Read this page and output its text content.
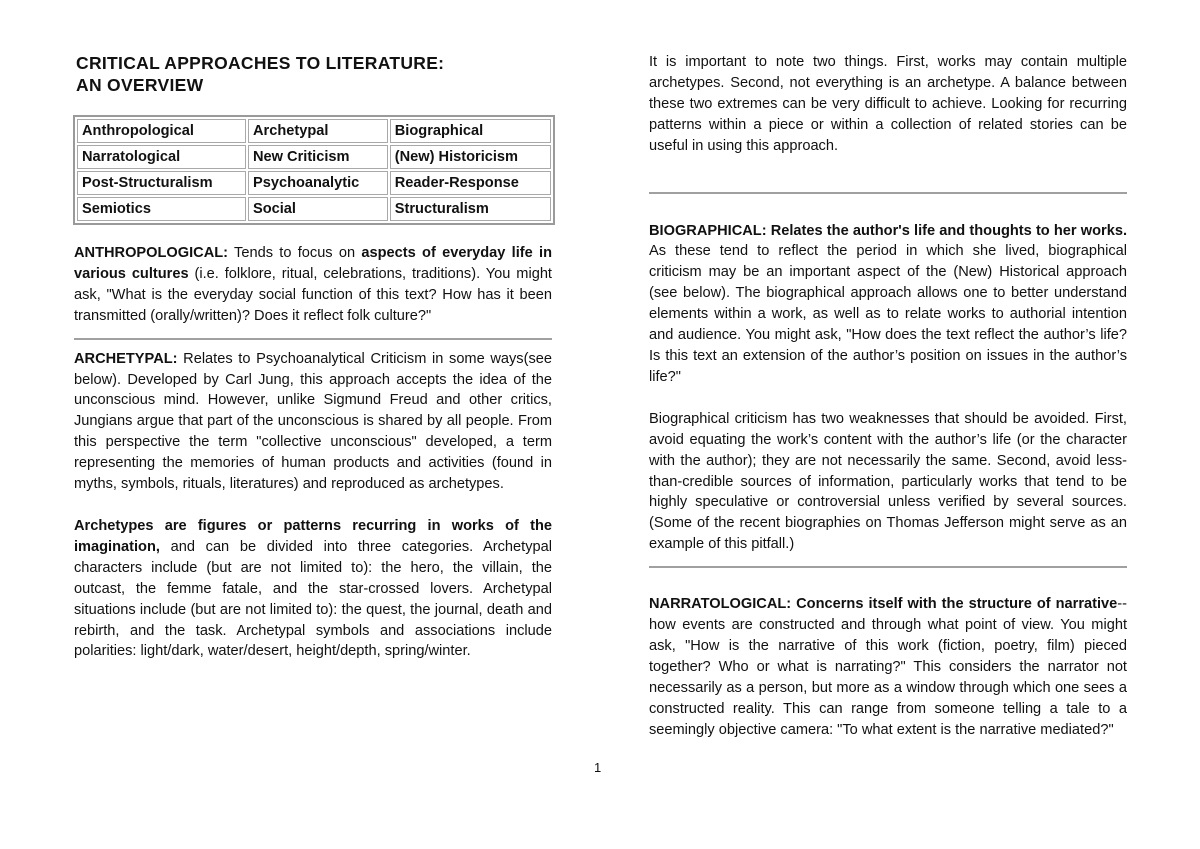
CRITICAL APPROACHES TO LITERATURE:
AN OVERVIEW
Anthropological	Archetypal	Biographical
Narratological	New Criticism	(New) Historicism
Post-Structuralism	Psychoanalytic	Reader-Response
Semiotics	Social	Structuralism

ANTHROPOLOGICAL: Tends to focus on aspects of everyday life in various cultures (i.e. folklore, ritual, celebrations, traditions). You might ask, "What is the everyday social function of this text? How has it been transmitted (orally/written)? Does it reflect folk culture?"

ARCHETYPAL: Relates to Psychoanalytical Criticism in some ways(see below). Developed by Carl Jung, this approach accepts the idea of the unconscious mind. However, unlike Sigmund Freud and other critics, Jungians argue that part of the unconscious is shared by all people. From this perspective the term "collective unconscious" developed, a term representing the memories of human products and activities (found in myths, symbols, rituals, literatures) and reproduced as archetypes.

Archetypes are figures or patterns recurring in works of the imagination, and can be divided into three categories. Archetypal characters include (but are not limited to): the hero, the villain, the outcast, the femme fatale, and the star-crossed lovers. Archetypal situations include (but are not limited to): the quest, the journal, death and rebirth, and the task. Archetypal symbols and associations include polarities: light/dark, water/desert, height/depth, spring/winter.

It is important to note two things. First, works may contain multiple archetypes. Second, not everything is an archetype. A balance between these two extremes can be very difficult to achieve. Looking for recurring patterns within a piece or within a collection of related stories can be useful in using this approach.

BIOGRAPHICAL: Relates the author's life and thoughts to her works. As these tend to reflect the period in which she lived, biographical criticism may be an important aspect of the (New) Historical approach (see below). The biographical approach allows one to better understand elements within a work, as well as to relate works to authorial intention and audience. You might ask, "How does the text reflect the author’s life? Is this text an extension of the author’s position on issues in the author’s life?"

Biographical criticism has two weaknesses that should be avoided. First, avoid equating the work’s content with the author’s life (or the character with the author); they are not necessarily the same. Second, avoid less-than-credible sources of information, particularly works that tend to be highly speculative or controversial unless verified by several sources. (Some of the recent biographies on Thomas Jefferson might serve as an example of this pitfall.)

NARRATOLOGICAL: Concerns itself with the structure of narrative--how events are constructed and through what point of view. You might ask, "How is the narrative of this work (fiction, poetry, film) pieced together? Who or what is narrating?" This considers the narrator not necessarily as a person, but more as a window through which one sees a constructed reality. This can range from someone telling a tale to a seemingly objective camera: "To what extent is the narrative mediated?"

1
